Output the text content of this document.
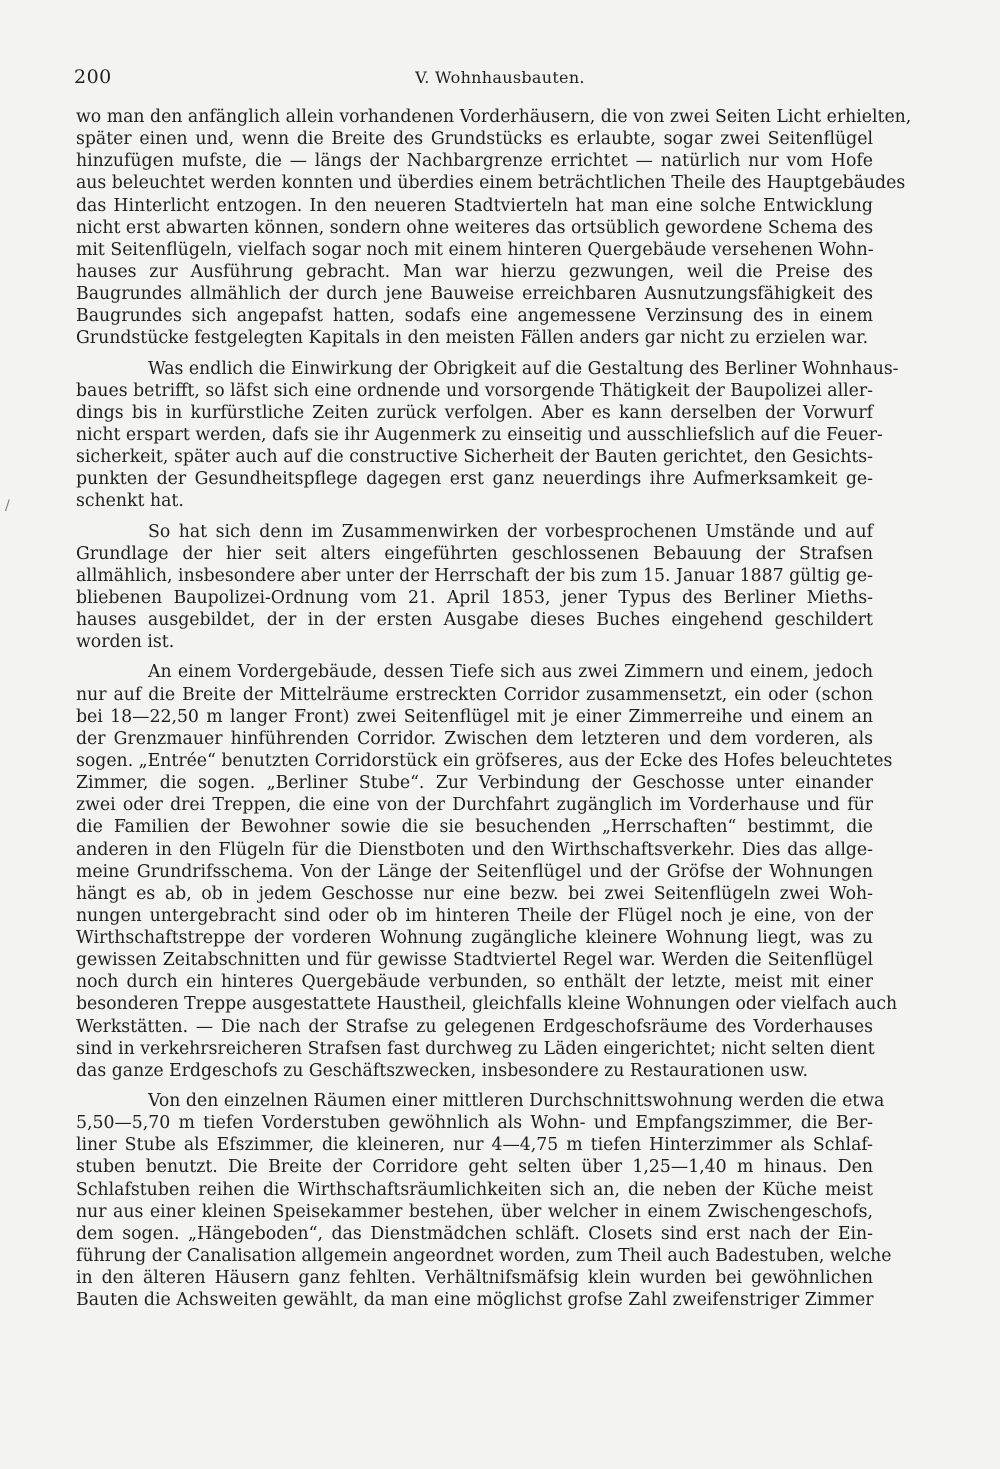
200	V. Wohnhausbauten.
/
wo man den anfänglich allein vorhandenen Vorderhäusern, die von zwei Seiten Licht erhielten,
später einen und, wenn die Breite des Grundstücks es erlaubte, sogar zwei Seitenflügel
hinzufügen mufste, die — längs der Nachbargrenze errichtet — natürlich nur vom Hofe
aus beleuchtet werden konnten und überdies einem beträchtlichen Theile des Hauptgebäudes
das Hinterlicht entzogen. In den neueren Stadtvierteln hat man eine solche Entwicklung
nicht erst abwarten können, sondern ohne weiteres das ortsüblich gewordene Schema des
mit Seitenflügeln, vielfach sogar noch mit einem hinteren Quergebäude versehenen Wohn-
hauses zur Ausführung gebracht. Man war hierzu gezwungen, weil die Preise des
Baugrundes allmählich der durch jene Bauweise erreichbaren Ausnutzungsfähigkeit des
Baugrundes sich angepafst hatten, sodafs eine angemessene Verzinsung des in einem
Grundstücke festgelegten Kapitals in den meisten Fällen anders gar nicht zu erzielen war.
Was endlich die Einwirkung der Obrigkeit auf die Gestaltung des Berliner Wohnhaus-
baues betrifft, so läfst sich eine ordnende und vorsorgende Thätigkeit der Baupolizei aller-
dings bis in kurfürstliche Zeiten zurück verfolgen. Aber es kann derselben der Vorwurf
nicht erspart werden, dafs sie ihr Augenmerk zu einseitig und ausschliefslich auf die Feuer-
sicherkeit, später auch auf die constructive Sicherheit der Bauten gerichtet, den Gesichts-
punkten der Gesundheitspflege dagegen erst ganz neuerdings ihre Aufmerksamkeit ge-
schenkt hat.
So hat sich denn im Zusammenwirken der vorbesprochenen Umstände und auf
Grundlage der hier seit alters eingeführten geschlossenen Bebauung der Strafsen
allmählich, insbesondere aber unter der Herrschaft der bis zum 15. Januar 1887 gültig ge-
bliebenen Baupolizei-Ordnung vom 21. April 1853, jener Typus des Berliner Mieths-
hauses ausgebildet, der in der ersten Ausgabe dieses Buches eingehend geschildert
worden ist.
An einem Vordergebäude, dessen Tiefe sich aus zwei Zimmern und einem, jedoch
nur auf die Breite der Mittelräume erstreckten Corridor zusammensetzt, ein oder (schon
bei 18—22,50 m langer Front) zwei Seitenflügel mit je einer Zimmerreihe und einem an
der Grenzmauer hinführenden Corridor. Zwischen dem letzteren und dem vorderen, als
sogen. „Entrée“ benutzten Corridorstück ein gröfseres, aus der Ecke des Hofes beleuchtetes
Zimmer, die sogen. „Berliner Stube“. Zur Verbindung der Geschosse unter einander
zwei oder drei Treppen, die eine von der Durchfahrt zugänglich im Vorderhause und für
die Familien der Bewohner sowie die sie besuchenden „Herrschaften“ bestimmt, die
anderen in den Flügeln für die Dienstboten und den Wirthschaftsverkehr. Dies das allge-
meine Grundrifsschema. Von der Länge der Seitenflügel und der Gröfse der Wohnungen
hängt es ab, ob in jedem Geschosse nur eine bezw. bei zwei Seitenflügeln zwei Woh-
nungen untergebracht sind oder ob im hinteren Theile der Flügel noch je eine, von der
Wirthschaftstreppe der vorderen Wohnung zugängliche kleinere Wohnung liegt, was zu
gewissen Zeitabschnitten und für gewisse Stadtviertel Regel war. Werden die Seitenflügel
noch durch ein hinteres Quergebäude verbunden, so enthält der letzte, meist mit einer
besonderen Treppe ausgestattete Haustheil, gleichfalls kleine Wohnungen oder vielfach auch
Werkstätten. — Die nach der Strafse zu gelegenen Erdgeschofsräume des Vorderhauses
sind in verkehrsreicheren Strafsen fast durchweg zu Läden eingerichtet; nicht selten dient
das ganze Erdgeschofs zu Geschäftszwecken, insbesondere zu Restaurationen usw.
Von den einzelnen Räumen einer mittleren Durchschnittswohnung werden die etwa
5,50—5,70 m tiefen Vorderstuben gewöhnlich als Wohn- und Empfangszimmer, die Ber-
liner Stube als Efszimmer, die kleineren, nur 4—4,75 m tiefen Hinterzimmer als Schlaf-
stuben benutzt. Die Breite der Corridore geht selten über 1,25—1,40 m hinaus. Den
Schlafstuben reihen die Wirthschaftsräumlichkeiten sich an, die neben der Küche meist
nur aus einer kleinen Speisekammer bestehen, über welcher in einem Zwischengeschofs,
dem sogen. „Hängeboden“, das Dienstmädchen schläft. Closets sind erst nach der Ein-
führung der Canalisation allgemein angeordnet worden, zum Theil auch Badestuben, welche
in den älteren Häusern ganz fehlten. Verhältnifsmäfsig klein wurden bei gewöhnlichen
Bauten die Achsweiten gewählt, da man eine möglichst grofse Zahl zweifenstriger Zimmer
